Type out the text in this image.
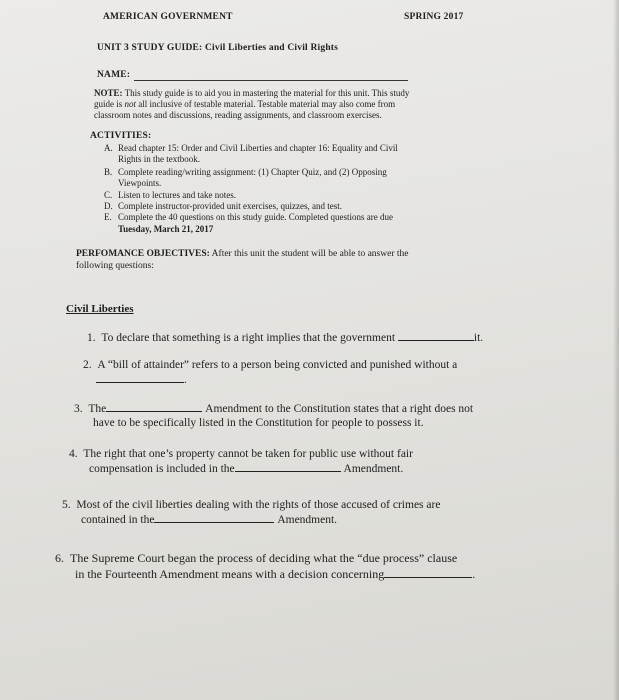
AMERICAN GOVERNMENT	SPRING 2017
UNIT 3 STUDY GUIDE: Civil Liberties and Civil Rights
NAME:
NOTE: This study guide is to aid you in mastering the material for this unit. This study
guide is not all inclusive of testable material. Testable material may also come from
classroom notes and discussions, reading assignments, and classroom exercises.
ACTIVITIES:
A. Read chapter 15: Order and Civil Liberties and chapter 16: Equality and Civil
Rights in the textbook.
B. Complete reading/writing assignment: (1) Chapter Quiz, and (2) Opposing
Viewpoints.
C. Listen to lectures and take notes.
D. Complete instructor-provided unit exercises, quizzes, and test.
E. Complete the 40 questions on this study guide. Completed questions are due
Tuesday, March 21, 2017
PERFOMANCE OBJECTIVES: After this unit the student will be able to answer the
following questions:
Civil Liberties
1. To declare that something is a right implies that the government	it.
2. A “bill of attainder” refers to a person being convicted and punished without a
.
3. The	Amendment to the Constitution states that a right does not
have to be specifically listed in the Constitution for people to possess it.
4. The right that one’s property cannot be taken for public use without fair
compensation is included in the	Amendment.
5. Most of the civil liberties dealing with the rights of those accused of crimes are
contained in the	Amendment.
6. The Supreme Court began the process of deciding what the “due process” clause
in the Fourteenth Amendment means with a decision concerning	.
